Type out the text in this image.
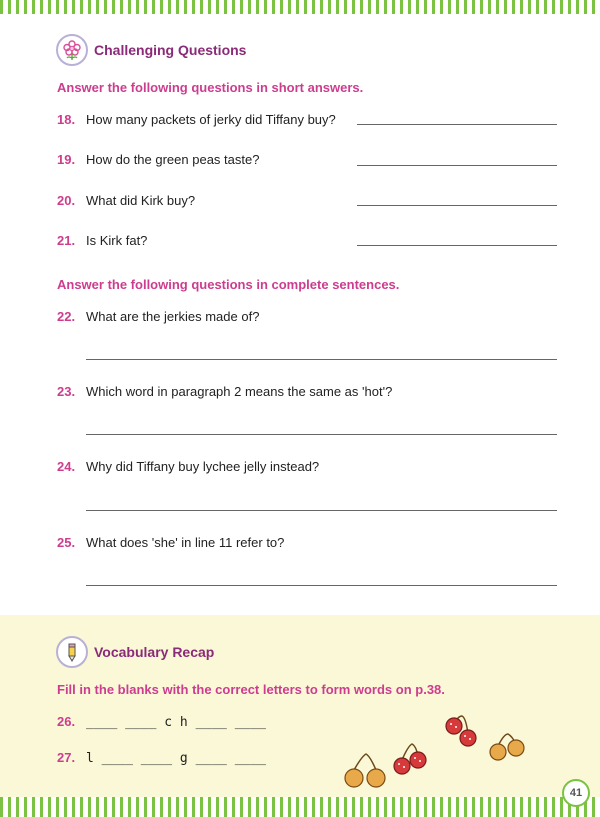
Challenging Questions
Answer the following questions in short answers.
18. How many packets of jerky did Tiffany buy?
19. How do the green peas taste?
20. What did Kirk buy?
21. Is Kirk fat?
Answer the following questions in complete sentences.
22. What are the jerkies made of?
23. Which word in paragraph 2 means the same as 'hot'?
24. Why did Tiffany buy lychee jelly instead?
25. What does 'she' in line 11 refer to?
Vocabulary Recap
Fill in the blanks with the correct letters to form words on p.38.
26. ____ ____ c h ____ ____
27. l ____ ____ g ____ ____
41
